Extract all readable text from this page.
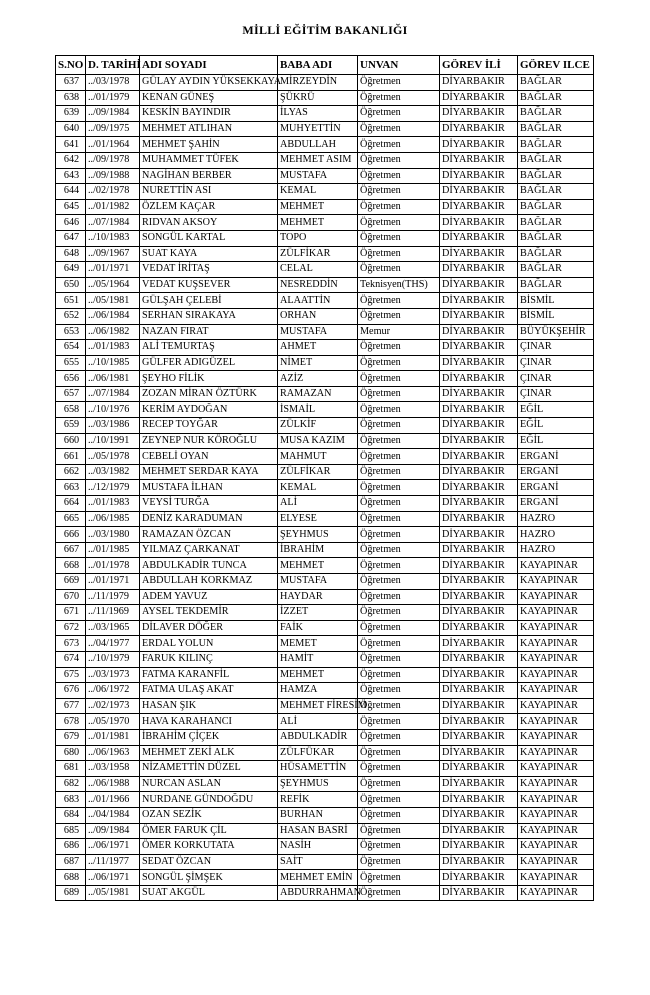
MİLLİ EĞİTİM BAKANLIĞI
S.NO	D. TARİHİ	ADI SOYADI	BABA ADI	UNVAN	GÖREV İLİ	GÖREV ILCE
637	../03/1978	GÜLAY AYDIN YÜKSEKKAYA	MİRZEYDİN	Öğretmen	DİYARBAKIR	BAĞLAR
638	../01/1979	KENAN GÜNEŞ	ŞÜKRÜ	Öğretmen	DİYARBAKIR	BAĞLAR
639	../09/1984	KESKİN BAYINDIR	İLYAS	Öğretmen	DİYARBAKIR	BAĞLAR
640	../09/1975	MEHMET ATLIHAN	MUHYETTİN	Öğretmen	DİYARBAKIR	BAĞLAR
641	../01/1964	MEHMET ŞAHİN	ABDULLAH	Öğretmen	DİYARBAKIR	BAĞLAR
642	../09/1978	MUHAMMET TÜFEK	MEHMET ASIM	Öğretmen	DİYARBAKIR	BAĞLAR
643	../09/1988	NAGİHAN BERBER	MUSTAFA	Öğretmen	DİYARBAKIR	BAĞLAR
644	../02/1978	NURETTİN ASI	KEMAL	Öğretmen	DİYARBAKIR	BAĞLAR
645	../01/1982	ÖZLEM KAÇAR	MEHMET	Öğretmen	DİYARBAKIR	BAĞLAR
646	../07/1984	RIDVAN AKSOY	MEHMET	Öğretmen	DİYARBAKIR	BAĞLAR
647	../10/1983	SONGÜL KARTAL	TOPO	Öğretmen	DİYARBAKIR	BAĞLAR
648	../09/1967	SUAT KAYA	ZÜLFİKAR	Öğretmen	DİYARBAKIR	BAĞLAR
649	../01/1971	VEDAT İRİTAŞ	CELAL	Öğretmen	DİYARBAKIR	BAĞLAR
650	../05/1964	VEDAT KUŞSEVER	NESREDDİN	Teknisyen(THS)	DİYARBAKIR	BAĞLAR
651	../05/1981	GÜLŞAH ÇELEBİ	ALAATTİN	Öğretmen	DİYARBAKIR	BİSMİL
652	../06/1984	SERHAN SIRAKAYA	ORHAN	Öğretmen	DİYARBAKIR	BİSMİL
653	../06/1982	NAZAN FIRAT	MUSTAFA	Memur	DİYARBAKIR	BÜYÜKŞEHİR
654	../01/1983	ALİ TEMURTAŞ	AHMET	Öğretmen	DİYARBAKIR	ÇINAR
655	../10/1985	GÜLFER ADIGÜZEL	NİMET	Öğretmen	DİYARBAKIR	ÇINAR
656	../06/1981	ŞEYHO FİLİK	AZİZ	Öğretmen	DİYARBAKIR	ÇINAR
657	../07/1984	ZOZAN MİRAN ÖZTÜRK	RAMAZAN	Öğretmen	DİYARBAKIR	ÇINAR
658	../10/1976	KERİM AYDOĞAN	İSMAİL	Öğretmen	DİYARBAKIR	EĞİL
659	../03/1986	RECEP TOYĞAR	ZÜLKİF	Öğretmen	DİYARBAKIR	EĞİL
660	../10/1991	ZEYNEP NUR KÖROĞLU	MUSA KAZIM	Öğretmen	DİYARBAKIR	EĞİL
661	../05/1978	CEBELİ OYAN	MAHMUT	Öğretmen	DİYARBAKIR	ERGANİ
662	../03/1982	MEHMET SERDAR KAYA	ZÜLFİKAR	Öğretmen	DİYARBAKIR	ERGANİ
663	../12/1979	MUSTAFA İLHAN	KEMAL	Öğretmen	DİYARBAKIR	ERGANİ
664	../01/1983	VEYSİ TURĞA	ALİ	Öğretmen	DİYARBAKIR	ERGANİ
665	../06/1985	DENİZ KARADUMAN	ELYESE	Öğretmen	DİYARBAKIR	HAZRO
666	../03/1980	RAMAZAN ÖZCAN	ŞEYHMUS	Öğretmen	DİYARBAKIR	HAZRO
667	../01/1985	YILMAZ ÇARKANAT	İBRAHİM	Öğretmen	DİYARBAKIR	HAZRO
668	../01/1978	ABDULKADİR TUNCA	MEHMET	Öğretmen	DİYARBAKIR	KAYAPINAR
669	../01/1971	ABDULLAH KORKMAZ	MUSTAFA	Öğretmen	DİYARBAKIR	KAYAPINAR
670	../11/1979	ADEM YAVUZ	HAYDAR	Öğretmen	DİYARBAKIR	KAYAPINAR
671	../11/1969	AYSEL TEKDEMİR	İZZET	Öğretmen	DİYARBAKIR	KAYAPINAR
672	../03/1965	DİLAVER DÖĞER	FAİK	Öğretmen	DİYARBAKIR	KAYAPINAR
673	../04/1977	ERDAL YOLUN	MEMET	Öğretmen	DİYARBAKIR	KAYAPINAR
674	../10/1979	FARUK KILINÇ	HAMİT	Öğretmen	DİYARBAKIR	KAYAPINAR
675	../03/1973	FATMA KARANFİL	MEHMET	Öğretmen	DİYARBAKIR	KAYAPINAR
676	../06/1972	FATMA ULAŞ AKAT	HAMZA	Öğretmen	DİYARBAKIR	KAYAPINAR
677	../02/1973	HASAN ŞIK	MEHMET FİRESİM	Öğretmen	DİYARBAKIR	KAYAPINAR
678	../05/1970	HAVA KARAHANCI	ALİ	Öğretmen	DİYARBAKIR	KAYAPINAR
679	../01/1981	İBRAHİM ÇİÇEK	ABDULKADİR	Öğretmen	DİYARBAKIR	KAYAPINAR
680	../06/1963	MEHMET ZEKİ ALK	ZÜLFÜKAR	Öğretmen	DİYARBAKIR	KAYAPINAR
681	../03/1958	NİZAMETTİN DÜZEL	HÜSAMETTİN	Öğretmen	DİYARBAKIR	KAYAPINAR
682	../06/1988	NURCAN ASLAN	ŞEYHMUS	Öğretmen	DİYARBAKIR	KAYAPINAR
683	../01/1966	NURDANE GÜNDOĞDU	REFİK	Öğretmen	DİYARBAKIR	KAYAPINAR
684	../04/1984	OZAN SEZİK	BURHAN	Öğretmen	DİYARBAKIR	KAYAPINAR
685	../09/1984	ÖMER FARUK ÇİL	HASAN BASRİ	Öğretmen	DİYARBAKIR	KAYAPINAR
686	../06/1971	ÖMER KORKUTATA	NASİH	Öğretmen	DİYARBAKIR	KAYAPINAR
687	../11/1977	SEDAT ÖZCAN	SAİT	Öğretmen	DİYARBAKIR	KAYAPINAR
688	../06/1971	SONGÜL ŞİMŞEK	MEHMET EMİN	Öğretmen	DİYARBAKIR	KAYAPINAR
689	../05/1981	SUAT AKGÜL	ABDURRAHMAN	Öğretmen	DİYARBAKIR	KAYAPINAR
